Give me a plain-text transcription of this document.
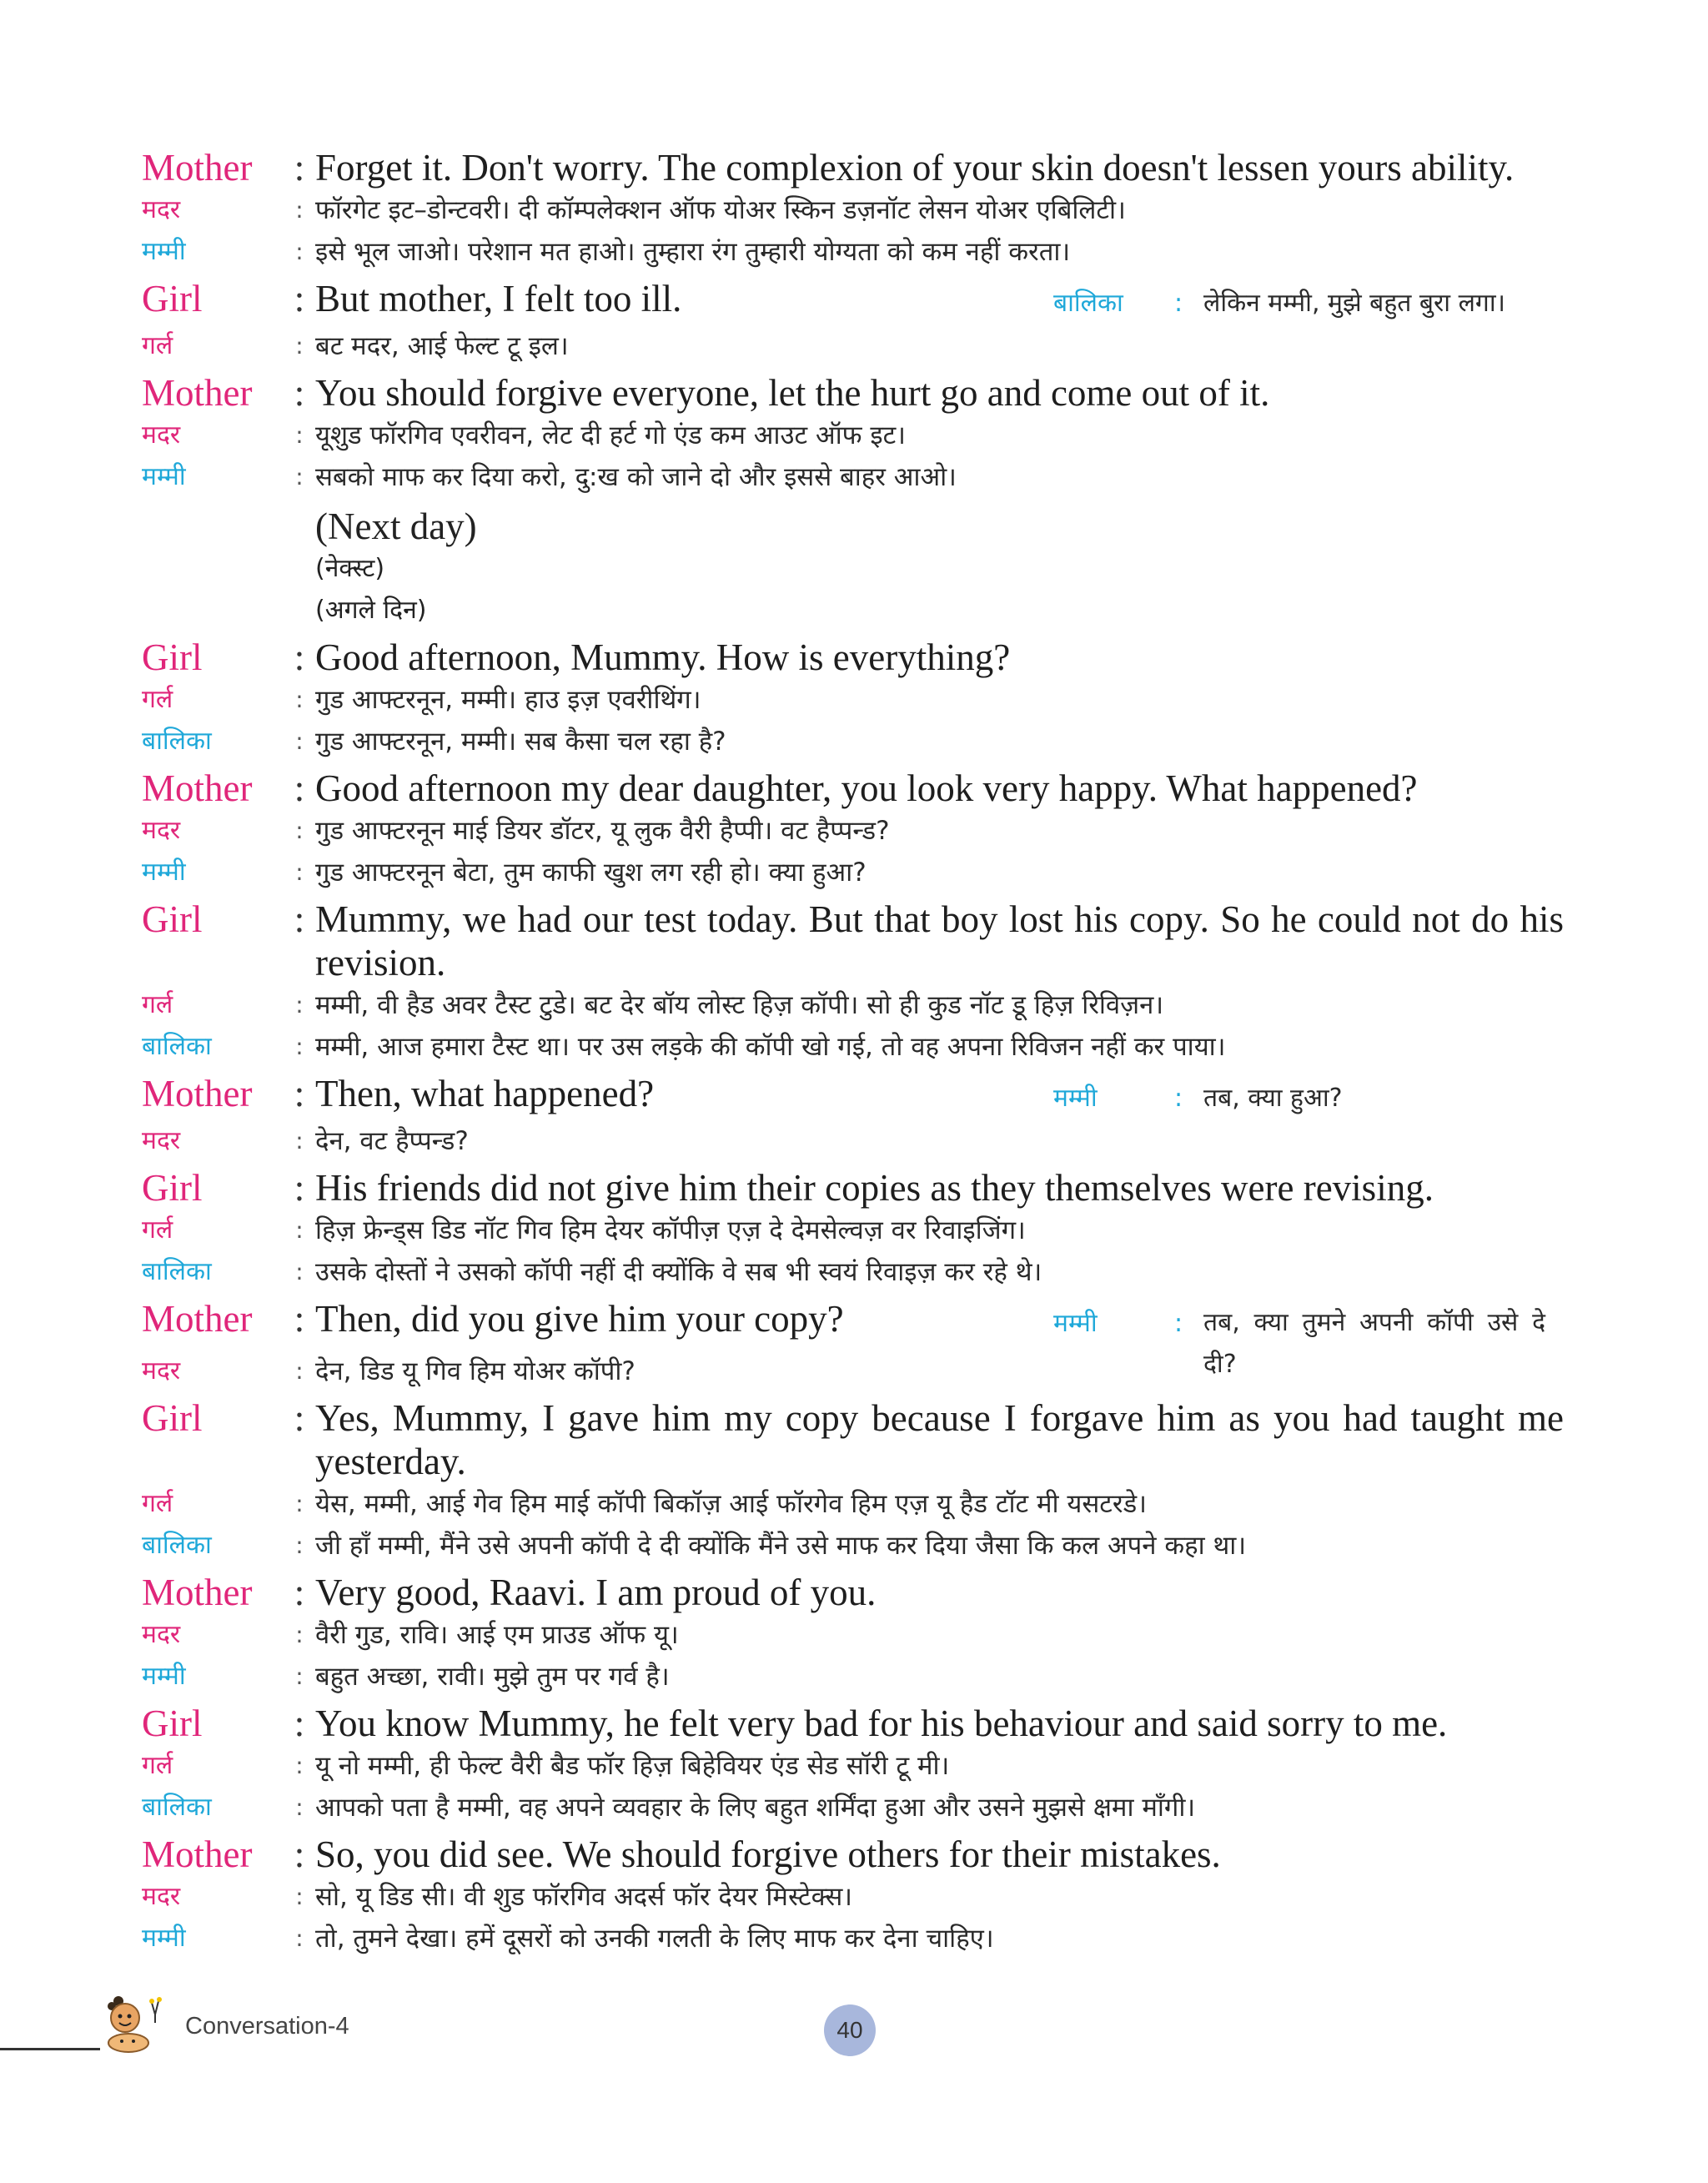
Mother	: Forget it. Don't worry. The complexion of your skin doesn't lessen yours ability.
मदर	: फॉरगेट इट–डोन्टवरी। दी कॉम्पलेक्शन ऑफ योअर स्किन डज़नॉट लेसन योअर एबिलिटी।
मम्मी	: इसे भूल जाओ। परेशान मत हाओ। तुम्हारा रंग तुम्हारी योग्यता को कम नहीं करता।
Girl	: But mother, I felt too ill.	बालिका	: लेकिन मम्मी, मुझे बहुत बुरा लगा।
गर्ल	: बट मदर, आई फेल्ट टू इल।
Mother	: You should forgive everyone, let the hurt go and come out of it.
मदर	: यूशुड फॉरगिव एवरीवन, लेट दी हर्ट गो एंड कम आउट ऑफ इट।
मम्मी	: सबको माफ कर दिया करो, दु:ख को जाने दो और इससे बाहर आओ।
(Next day)
(नेक्स्ट)
(अगले दिन)
Girl	: Good afternoon, Mummy. How is everything?
गर्ल	: गुड आफ्टरनून, मम्मी। हाउ इज़ एवरीथिंग।
बालिका	: गुड आफ्टरनून, मम्मी। सब कैसा चल रहा है?
Mother	: Good afternoon my dear daughter, you look very happy. What happened?
मदर	: गुड आफ्टरनून माई डियर डॉटर, यू लुक वैरी हैप्पी। वट हैप्पन्ड?
मम्मी	: गुड आफ्टरनून बेटा, तुम काफी खुश लग रही हो। क्या हुआ?
Girl	: Mummy, we had our test today. But that boy lost his copy. So he could not do his revision.
गर्ल	: मम्मी, वी हैड अवर टैस्ट टुडे। बट देर बॉय लोस्ट हिज़ कॉपी। सो ही कुड नॉट डू हिज़ रिविज़न।
बालिका	: मम्मी, आज हमारा टैस्ट था। पर उस लड़के की कॉपी खो गई, तो वह अपना रिविजन नहीं कर पाया।
Mother	: Then, what happened?	मम्मी	: तब, क्या हुआ?
मदर	: देन, वट हैप्पन्ड?
Girl	: His friends did not give him their copies as they themselves were revising.
गर्ल	: हिज़ फ्रेन्ड्स डिड नॉट गिव हिम देयर कॉपीज़ एज़ दे देमसेल्वज़ वर रिवाइजिंग।
बालिका	: उसके दोस्तों ने उसको कॉपी नहीं दी क्योंकि वे सब भी स्वयं रिवाइज़ कर रहे थे।
Mother	: Then, did you give him your copy?	मम्मी	: तब, क्या तुमने अपनी कॉपी उसे दे दी?
मदर	: देन, डिड यू गिव हिम योअर कॉपी?
Girl	: Yes, Mummy, I gave him my copy because I forgave him as you had taught me yesterday.
गर्ल	: येस, मम्मी, आई गेव हिम माई कॉपी बिकॉज़ आई फॉरगेव हिम एज़ यू हैड टॉट मी यसटरडे।
बालिका	: जी हाँ मम्मी, मैंने उसे अपनी कॉपी दे दी क्योंकि मैंने उसे माफ कर दिया जैसा कि कल अपने कहा था।
Mother	: Very good, Raavi. I am proud of you.
मदर	: वैरी गुड, रावि। आई एम प्राउड ऑफ यू।
मम्मी	: बहुत अच्छा, रावी। मुझे तुम पर गर्व है।
Girl	: You know Mummy, he felt very bad for his behaviour and said sorry to me.
गर्ल	: यू नो मम्मी, ही फेल्ट वैरी बैड फॉर हिज़ बिहेवियर एंड सेड सॉरी टू मी।
बालिका	: आपको पता है मम्मी, वह अपने व्यवहार के लिए बहुत शर्मिंदा हुआ और उसने मुझसे क्षमा माँगी।
Mother	: So, you did see. We should forgive others for their mistakes.
मदर	: सो, यू डिड सी। वी शुड फॉरगिव अदर्स फॉर देयर मिस्टेक्स।
मम्मी	: तो, तुमने देखा। हमें दूसरों को उनकी गलती के लिए माफ कर देना चाहिए।
Conversation-4	40
